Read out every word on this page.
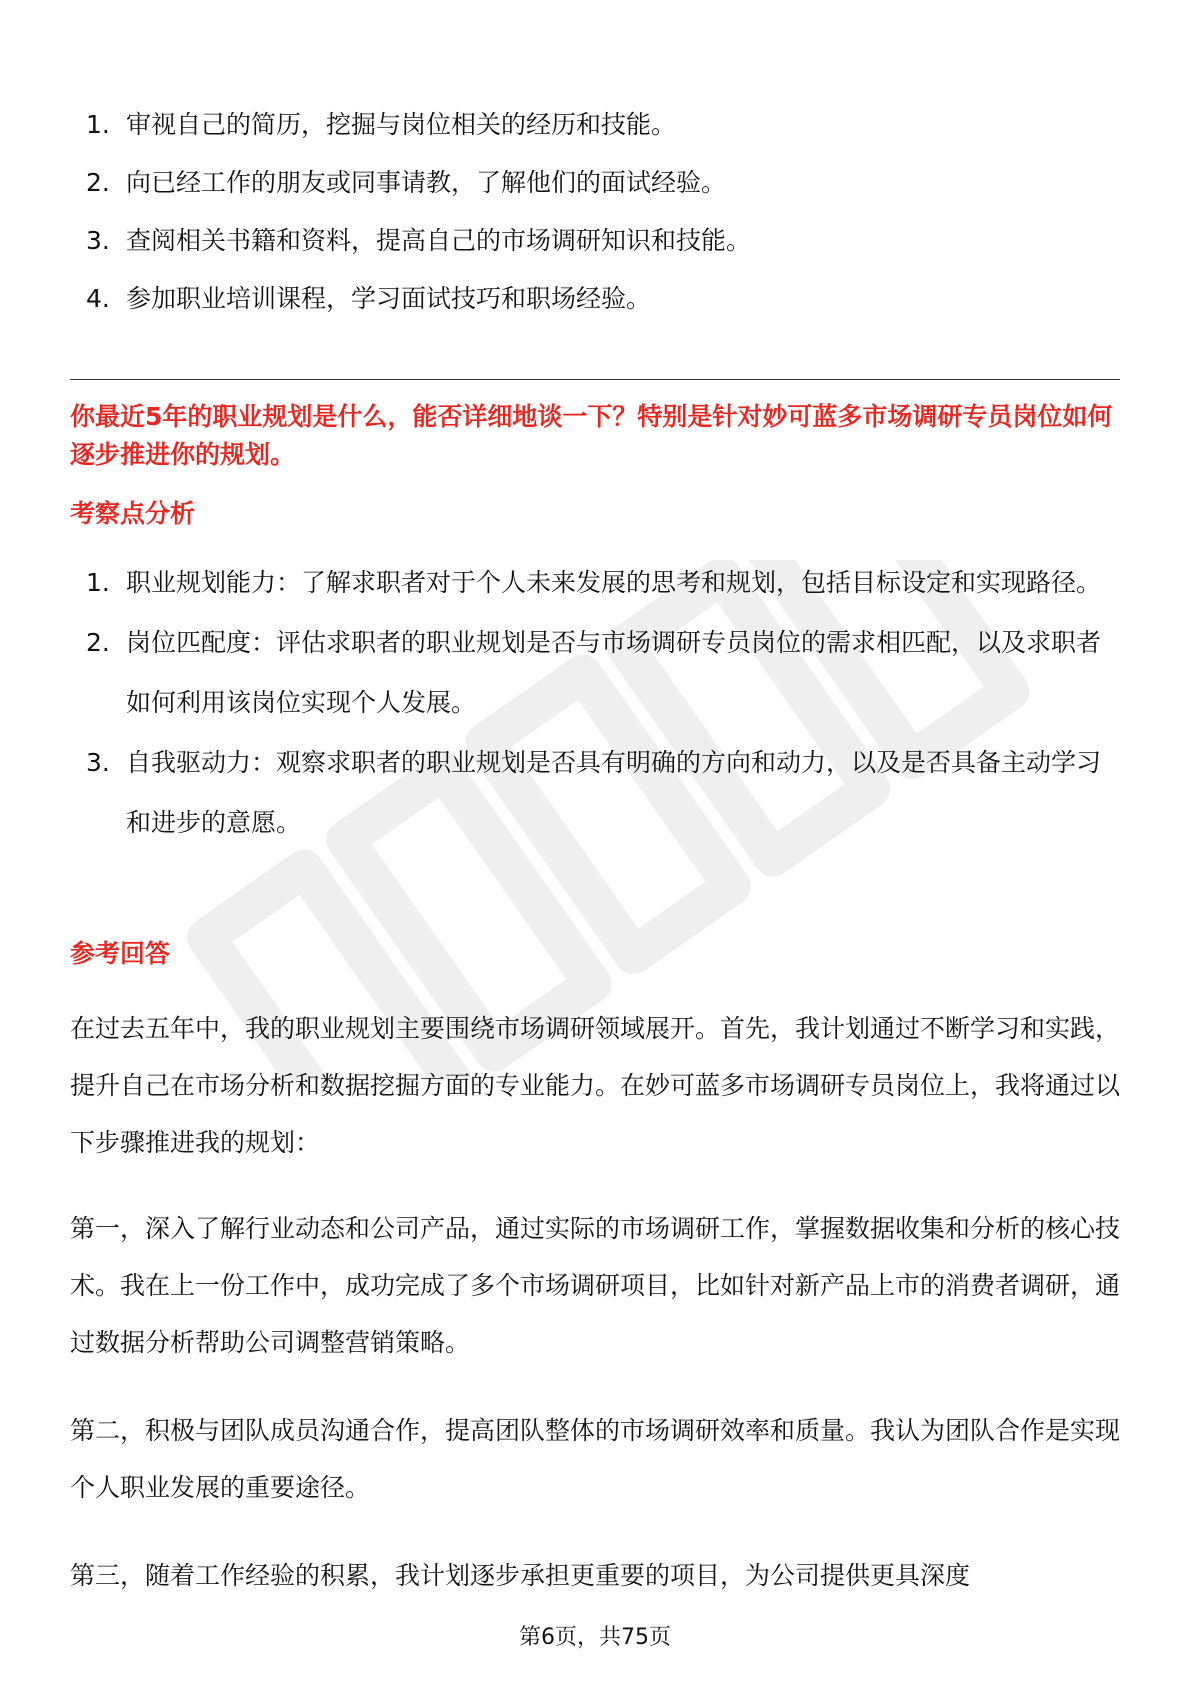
1. 审视自己的简历，挖掘与岗位相关的经历和技能。
2. 向已经工作的朋友或同事请教，了解他们的面试经验。
3. 查阅相关书籍和资料，提高自己的市场调研知识和技能。
4. 参加职业培训课程，学习面试技巧和职场经验。
你最近5年的职业规划是什么，能否详细地谈一下？特别是针对妙可蓝多市场调研专员岗位如何逐步推进你的规划。
考察点分析
1. 职业规划能力：了解求职者对于个人未来发展的思考和规划，包括目标设定和实现路径。
2. 岗位匹配度：评估求职者的职业规划是否与市场调研专员岗位的需求相匹配，以及求职者如何利用该岗位实现个人发展。
3. 自我驱动力：观察求职者的职业规划是否具有明确的方向和动力，以及是否具备主动学习和进步的意愿。
参考回答

在过去五年中，我的职业规划主要围绕市场调研领域展开。首先，我计划通过不断学习和实践，提升自己在市场分析和数据挖掘方面的专业能力。在妙可蓝多市场调研专员岗位上，我将通过以下步骤推进我的规划：

第一，深入了解行业动态和公司产品，通过实际的市场调研工作，掌握数据收集和分析的核心技术。我在上一份工作中，成功完成了多个市场调研项目，比如针对新产品上市的消费者调研，通过数据分析帮助公司调整营销策略。

第二，积极与团队成员沟通合作，提高团队整体的市场调研效率和质量。我认为团队合作是实现个人职业发展的重要途径。

第三，随着工作经验的积累，我计划逐步承担更重要的项目，为公司提供更具深度

第6页，共75页
